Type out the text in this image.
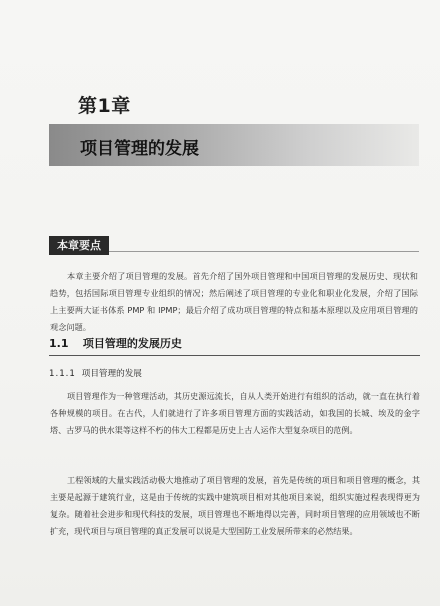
第1章
项目管理的发展
本章要点

本章主要介绍了项目管理的发展。首先介绍了国外项目管理和中国项目管理的发展历史、现状和趋势，包括国际项目管理专业组织的情况；然后阐述了项目管理的专业化和职业化发展，介绍了国际上主要两大证书体系 PMP 和 IPMP；最后介绍了成功项目管理的特点和基本原理以及应用项目管理的观念问题。

1.1 项目管理的发展历史
1.1.1 项目管理的发展

项目管理作为一种管理活动，其历史源远流长，自从人类开始进行有组织的活动，就一直在执行着各种规模的项目。在古代，人们就进行了许多项目管理方面的实践活动，如我国的长城、埃及的金字塔、古罗马的供水渠等这样不朽的伟大工程都是历史上古人运作大型复杂项目的范例。

工程领域的大量实践活动极大地推动了项目管理的发展，首先是传统的项目和项目管理的概念，其主要是起源于建筑行业，这是由于传统的实践中建筑项目相对其他项目来说，组织实施过程表现得更为复杂。随着社会进步和现代科技的发展，项目管理也不断地得以完善，同时项目管理的应用领域也不断扩充，现代项目与项目管理的真正发展可以说是大型国防工业发展所带来的必然结果。
